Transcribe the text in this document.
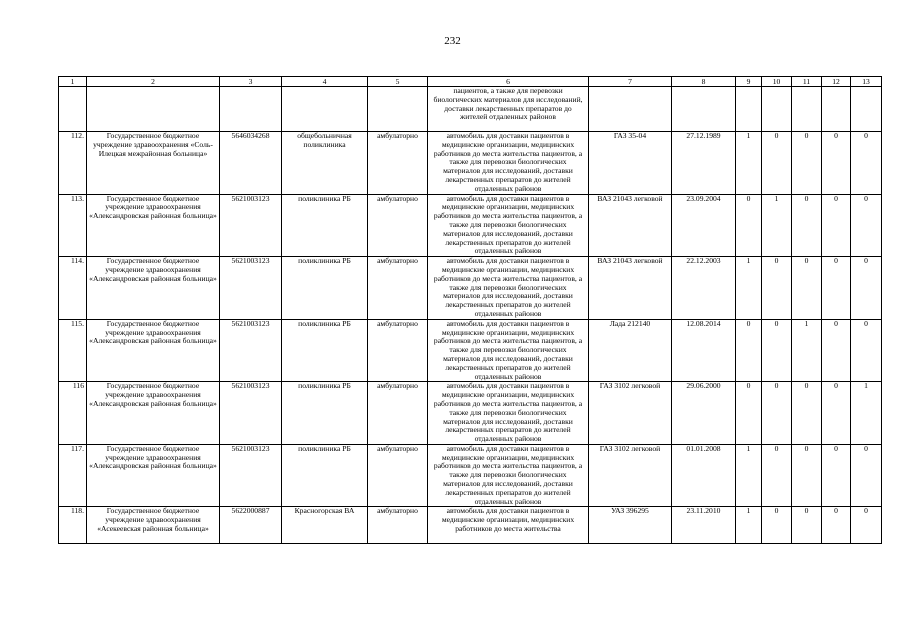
232
1	2	3	4	5	6	7	8	9	10	11	12	13
					пациентов, а также для перевозки биологических материалов для исследований, доставки лекарственных препаратов до жителей отдаленных районов							
112.	Государственное бюджетное учреждение здравоохранения «Соль-Илецкая межрайонная больница»	5646034268	общебольничная поликлиника	амбулаторно	автомобиль для доставки пациентов в медицинские организации, медицинских работников до места жительства пациентов, а также для перевозки биологических материалов для исследований, доставки лекарственных препаратов до жителей отдаленных районов	ГАЗ 35-04	27.12.1989	1	0	0	0	0
113.	Государственное бюджетное учреждение здравоохранения «Александровская районная больница»	5621003123	поликлиника РБ	амбулаторно	автомобиль для доставки пациентов в медицинские организации, медицинских работников до места жительства пациентов, а также для перевозки биологических материалов для исследований, доставки лекарственных препаратов до жителей отдаленных районов	ВАЗ 21043 легковой	23.09.2004	0	1	0	0	0
114.	Государственное бюджетное учреждение здравоохранения «Александровская районная больница»	5621003123	поликлиника РБ	амбулаторно	автомобиль для доставки пациентов в медицинские организации, медицинских работников до места жительства пациентов, а также для перевозки биологических материалов для исследований, доставки лекарственных препаратов до жителей отдаленных районов	ВАЗ 21043 легковой	22.12.2003	1	0	0	0	0
115.	Государственное бюджетное учреждение здравоохранения «Александровская районная больница»	5621003123	поликлиника РБ	амбулаторно	автомобиль для доставки пациентов в медицинские организации, медицинских работников до места жительства пациентов, а также для перевозки биологических материалов для исследований, доставки лекарственных препаратов до жителей отдаленных районов	Лада 212140	12.08.2014	0	0	1	0	0
116	Государственное бюджетное учреждение здравоохранения «Александровская районная больница»	5621003123	поликлиника РБ	амбулаторно	автомобиль для доставки пациентов в медицинские организации, медицинских работников до места жительства пациентов, а также для перевозки биологических материалов для исследований, доставки лекарственных препаратов до жителей отдаленных районов	ГАЗ 3102 легковой	29.06.2000	0	0	0	0	1
117.	Государственное бюджетное учреждение здравоохранения «Александровская районная больница»	5621003123	поликлиника РБ	амбулаторно	автомобиль для доставки пациентов в медицинские организации, медицинских работников до места жительства пациентов, а также для перевозки биологических материалов для исследований, доставки лекарственных препаратов до жителей отдаленных районов	ГАЗ 3102 легковой	01.01.2008	1	0	0	0	0
118.	Государственное бюджетное учреждение здравоохранения «Асекеевская районная больница»	5622000887	Красногорская ВА	амбулаторно	автомобиль для доставки пациентов в медицинские организации, медицинских работников до места жительства	УАЗ 396295	23.11.2010	1	0	0	0	0
